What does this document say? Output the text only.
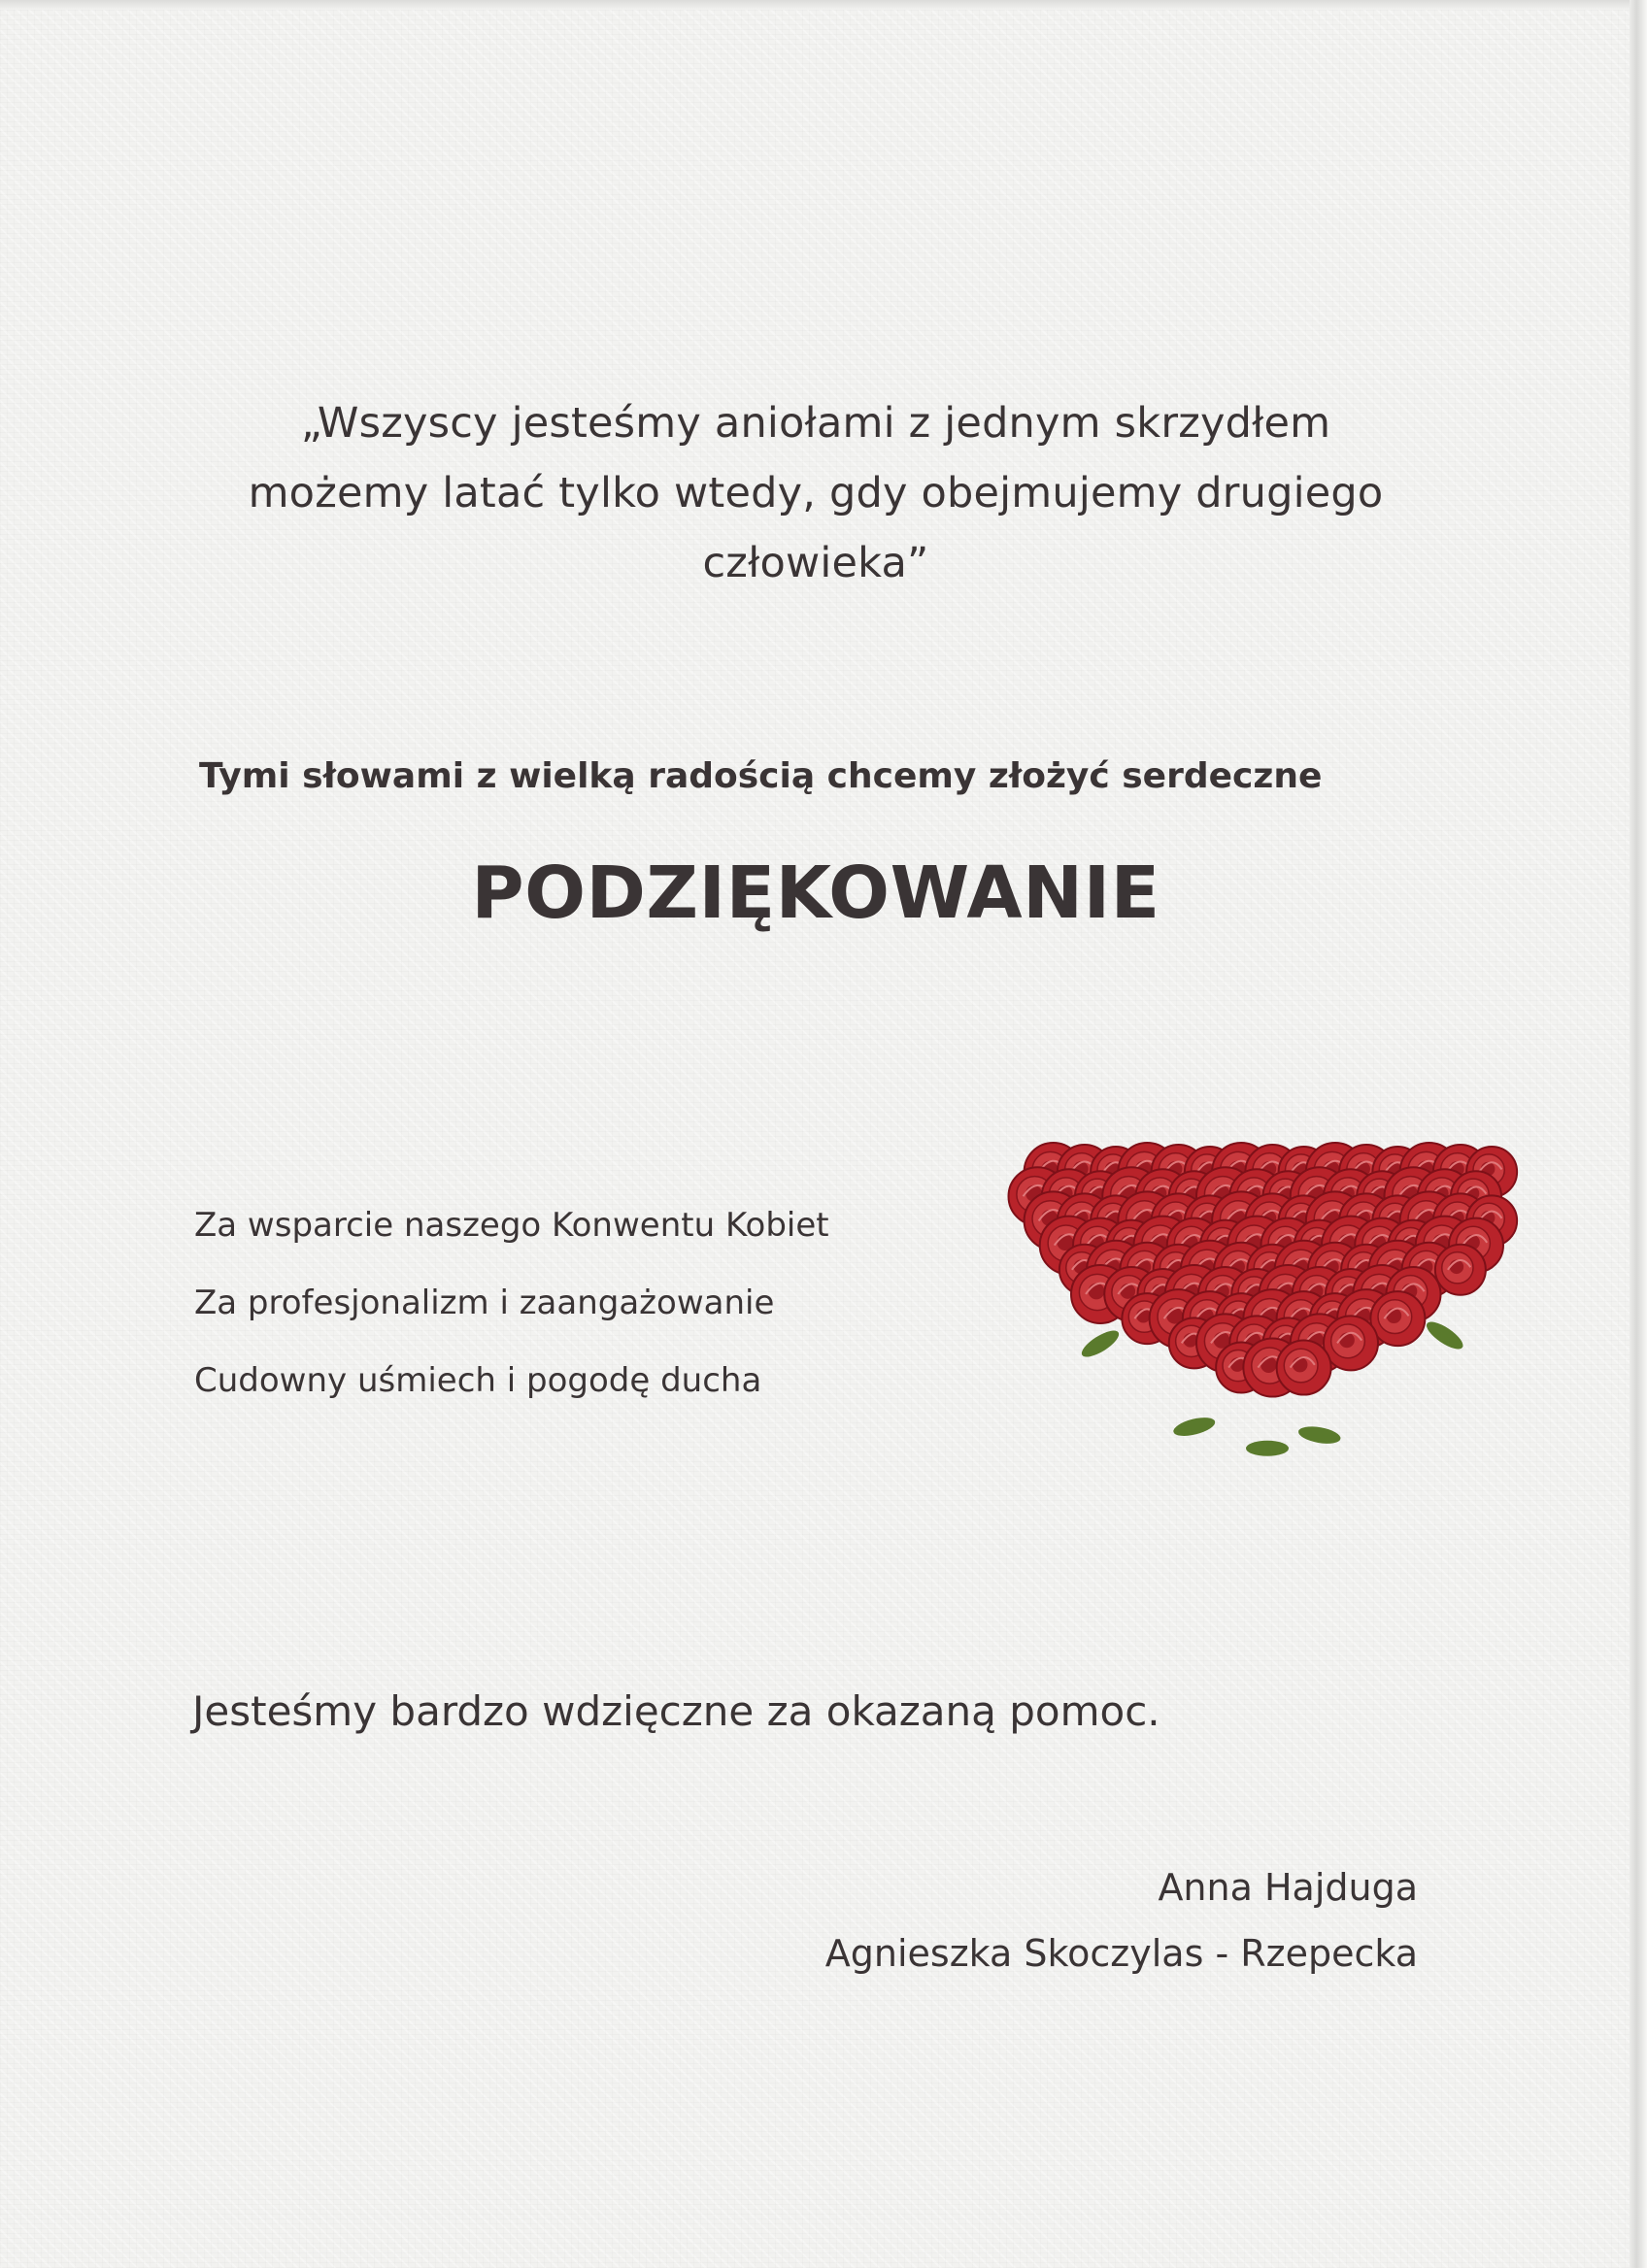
„Wszyscy jesteśmy aniołami z jednym skrzydłem
możemy latać tylko wtedy, gdy obejmujemy drugiego
człowieka”
Tymi słowami z wielką radością chcemy złożyć serdeczne
PODZIĘKOWANIE
Za wsparcie naszego Konwentu Kobiet
Za profesjonalizm i zaangażowanie
Cudowny uśmiech i pogodę ducha
Jesteśmy bardzo wdzięczne za okazaną pomoc.
Anna Hajduga
Agnieszka Skoczylas - Rzepecka
